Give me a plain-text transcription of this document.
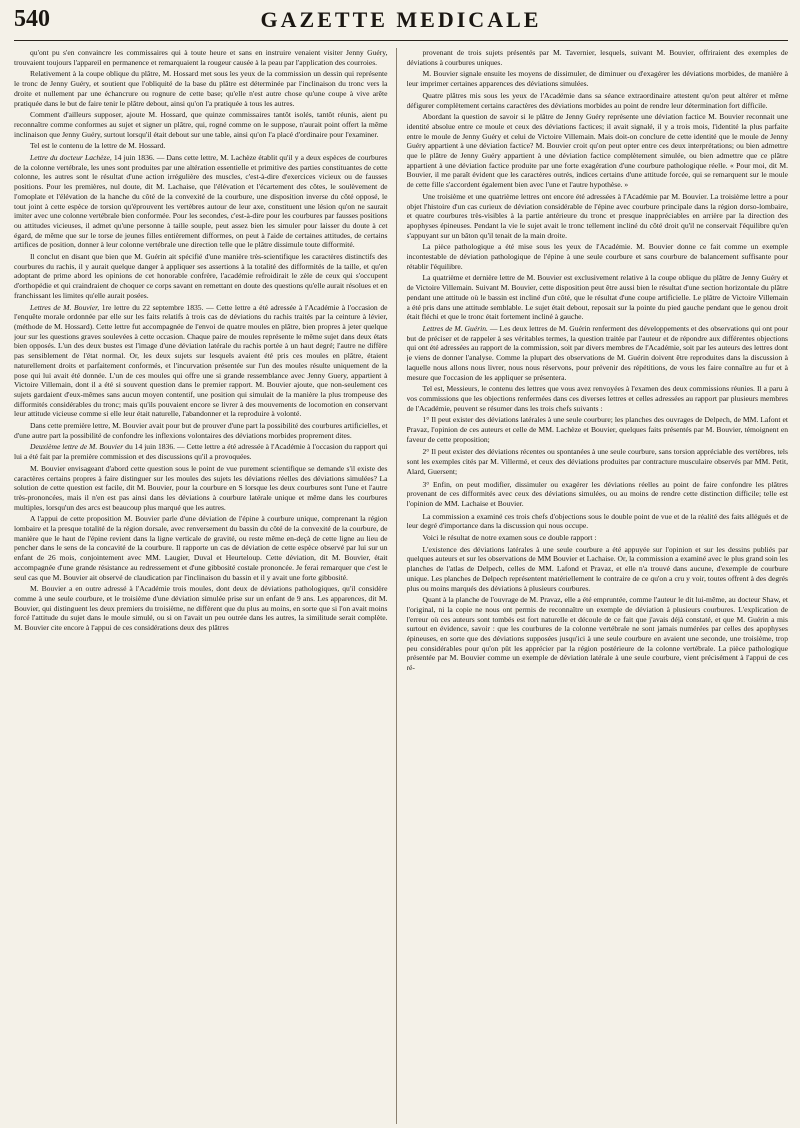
540	GAZETTE MEDICALE

qu'ont pu s'en convaincre les commissaires qui à toute heure et sans en instruire venaient visiter Jenny Guéry, trouvaient toujours l'appareil en permanence et remarquaient la rougeur causée à la peau par l'application des courroies.

Relativement à la coupe oblique du plâtre, M. Hossard met sous les yeux de la commission un dessin qui représente le tronc de Jenny Guéry, et soutient que l'obliquité de la base du plâtre est déterminée par l'inclinaison du tronc vers la droite et nullement par une échancrure ou rognure de cette base; qu'elle n'est autre chose qu'une coupe à vive arête pratiquée dans le but de faire tenir le plâtre debout, ainsi qu'on l'a pratiquée à tous les autres.

Comment d'ailleurs supposer, ajoute M. Hossard, que quinze commissaires tantôt isolés, tantôt réunis, aient pu reconnaître comme conformes au sujet et signer un plâtre, qui, rogné comme on le suppose, n'aurait point offert la même inclinaison que Jenny Guéry, surtout lorsqu'il était debout sur une table, ainsi qu'on l'a placé d'ordinaire pour l'examiner.

Tel est le contenu de la lettre de M. Hossard.

Lettre du docteur Lachèze, 14 juin 1836. — Dans cette lettre, M. Lachèze établit qu'il y a deux espèces de courbures de la colonne vertébrale, les unes sont produites par une altération essentielle et primitive des parties constituantes de cette colonne, les autres sont le résultat d'une action irrégulière des muscles, c'est-à-dire d'exercices vicieux ou de fausses positions. Pour les premières, nul doute, dit M. Lachaise, que l'élévation et l'écartement des côtes, le soulèvement de l'omoplate et l'élévation de la hanche du côté de la convexité de la courbure, une disposition inverse du côté opposé, le tout joint à cette espèce de torsion qu'éprouvent les vertèbres autour de leur axe, constituent une lésion qu'on ne saurait imiter avec une colonne vertébrale bien conformée. Pour les secondes, c'est-à-dire pour les courbures par fausses positions ou attitudes vicieuses, il admet qu'une personne à taille souple, peut assez bien les simuler pour laisser du doute à cet égard, de même que sur le torse de jeunes filles entièrement difformes, on peut à l'aide de certaines attitudes, de certains artifices de position, donner à leur colonne vertébrale une direction telle que le plâtre dissimule toute difformité.

Il conclut en disant que bien que M. Guérin ait spécifié d'une manière très-scientifique les caractères distinctifs des courbures du rachis, il y aurait quelque danger à appliquer ses assertions à la totalité des difformités de la taille, et qu'en adoptant de prime abord les opinions de cet honorable confrère, l'académie refroidirait le zèle de ceux qui s'occupent d'orthopédie et qui craindraient de choquer ce corps savant en remettant en doute des questions qu'elle aurait résolues et en franchissant les limites qu'elle aurait posées.

Lettres de M. Bouvier, 1re lettre du 22 septembre 1835. — Cette lettre a été adressée à l'Académie à l'occasion de l'enquête morale ordonnée par elle sur les faits relatifs à trois cas de déviations du rachis traités par la ceinture à lévier, (méthode de M. Hossard). Cette lettre fut accompagnée de l'envoi de quatre moules en plâtre, bien propres à jeter quelque jour sur les questions graves soulevées à cette occasion. Chaque paire de moules représente le même sujet dans deux états bien opposés. L'un des deux bustes est l'image d'une déviation latérale du rachis portée à un haut degré; l'autre ne diffère pas sensiblement de l'état normal. Or, les deux sujets sur lesquels avaient été pris ces moules en plâtre, étaient naturellement droits et parfaitement conformés, et l'incurvation présentée sur l'un des moules résulte uniquement de la pose qui lui avait été donnée. L'un de ces moules qui offre une si grande ressemblance avec Jenny Guery, appartient à Victoire Villemain, dont il a été si souvent question dans le premier rapport. M. Bouvier ajoute, que non-seulement ces sujets gardaient d'eux-mêmes sans aucun moyen contentif, une position qui simulait de la manière la plus trompeuse des difformités considérables du tronc; mais qu'ils pouvaient encore se livrer à des mouvements de locomotion en conservant leur attitude vicieuse comme si elle leur était naturelle, l'abandonner et la reproduire à volonté.

Dans cette première lettre, M. Bouvier avait pour but de prouver d'une part la possibilité des courbures artificielles, et d'une autre part la possibilité de confondre les inflexions volontaires des déviations morbides proprement dites.

Deuxième lettre de M. Bouvier du 14 juin 1836. — Cette lettre a été adressée à l'Académie à l'occasion du rapport qui lui a été fait par la première commission et des discussions qu'il a provoquées.

M. Bouvier envisageant d'abord cette question sous le point de vue purement scientifique se demande s'il existe des caractères certains propres à faire distinguer sur les moules des sujets les déviations réelles des déviations simulées? La solution de cette question est facile, dit M. Bouvier, pour la courbure en S lorsque les deux courbures sont l'une et l'autre très-prononcées, mais il n'en est pas ainsi dans les déviations à courbure latérale unique et même dans les courbures multiples, lorsqu'un des arcs est beaucoup plus marqué que les autres.

A l'appui de cette proposition M. Bouvier parle d'une déviation de l'épine à courbure unique, comprenant la région lombaire et la presque totalité de la région dorsale, avec renversement du bassin du côté de la convexité de la courbure, de manière que le haut de l'épine revient dans la ligne verticale de gravité, ou reste même en-deçà de cette ligne au lieu de pencher dans le sens de la concavité de la courbure. Il rapporte un cas de déviation de cette espèce observé par lui sur un enfant de 26 mois, conjointement avec MM. Laugier, Duval et Heurteloup. Cette déviation, dit M. Bouvier, était accompagnée d'une grande résistance au redressement et d'une gibbosité costale prononcée. Je ferai remarquer que c'est le seul cas que M. Bouvier ait observé de claudication par l'inclinaison du bassin et il y avait une forte gibbosité.

M. Bouvier a en outre adressé à l'Académie trois moules, dont deux de déviations pathologiques, qu'il considère comme à une seule courbure, et le troisième d'une déviation simulée prise sur un enfant de 9 ans. Les apparences, dit M. Bouvier, qui distinguent les deux premiers du troisième, ne diffèrent que du plus au moins, en sorte que si l'on avait moins forcé l'attitude du sujet dans le moule simulé, ou si on l'avait un peu outrée dans les autres, la similitude serait complète. M. Bouvier cite encore à l'appui de ces considérations deux des plâtres

provenant de trois sujets présentés par M. Tavernier, lesquels, suivant M. Bouvier, offriraient des exemples de déviations à courbures uniques.

M. Bouvier signale ensuite les moyens de dissimuler, de diminuer ou d'exagérer les déviations morbides, de manière à leur imprimer certaines apparences des déviations simulées.

Quatre plâtres mis sous les yeux de l'Académie dans sa séance extraordinaire attestent qu'on peut altérer et même défigurer complètement certains caractères des déviations morbides au point de rendre leur détermination fort difficile.

Abordant la question de savoir si le plâtre de Jenny Guéry représente une déviation factice M. Bouvier reconnait une identité absolue entre ce moule et ceux des déviations factices; il avait signalé, il y a trois mois, l'identité la plus parfaite entre le moule de Jenny Guéry et celui de Victoire Villemain. Mais doit-on conclure de cette identité que le moule de Jenny Guéry appartient à une déviation factice? M. Bouvier croit qu'on peut opter entre ces deux interprétations; ou bien admettre que le plâtre de Jenny Guéry appartient à une déviation factice complètement simulée, ou bien admettre que ce plâtre appartient à une déviation factice produite par une forte exagération d'une courbure pathologique réelle. « Pour moi, dit M. Bouvier, il me paraît évident que les caractères outrés, indices certains d'une attitude forcée, qui se remarquent sur le moule de cette fille s'accordent également bien avec l'une et l'autre hypothèse. »

Une troisième et une quatrième lettres ont encore été adressées à l'Académie par M. Bouvier. La troisième lettre a pour objet l'histoire d'un cas curieux de déviation considérable de l'épine avec courbure principale dans la région dorso-lombaire, et quatre courbures très-visibles à la partie antérieure du tronc et presque inappréciables en arrière par la direction des apophyses épineuses. Pendant la vie le sujet avait le tronc tellement incliné du côté droit qu'il ne conservait l'équilibre qu'en s'appuyant sur un bâton qu'il tenait de la main droite.

La pièce pathologique a été mise sous les yeux de l'Académie. M. Bouvier donne ce fait comme un exemple incontestable de déviation pathologique de l'épine à une seule courbure et sans courbure de balancement suffisante pour rétablir l'équilibre.

La quatrième et dernière lettre de M. Bouvier est exclusivement relative à la coupe oblique du plâtre de Jenny Guéry et de Victoire Villemain. Suivant M. Bouvier, cette disposition peut être aussi bien le résultat d'une section horizontale du plâtre pendant une attitude où le bassin est incliné d'un côté, que le résultat d'une coupe artificielle. Le plâtre de Victoire Villemain a été pris dans une attitude semblable. Le sujet était debout, reposait sur la pointe du pied gauche pendant que le genou droit était fléchi et que le tronc était fortement incliné à gauche.

Lettres de M. Guérin. — Les deux lettres de M. Guérin renferment des développements et des observations qui ont pour but de préciser et de rappeler à ses véritables termes, la question traitée par l'auteur et de répondre aux différentes objections qui ont été adressées au rapport de la commission, soit par divers membres de l'Académie, soit par les auteurs des lettres dont je viens de donner l'analyse. Comme la plupart des observations de M. Guérin doivent être reproduites dans la discussion à laquelle nous allons nous livrer, nous nous réservons, pour prévenir des répétitions, de vous les faire connaître au fur et à mesure que l'occasion de les appliquer se présentera.

Tel est, Messieurs, le contenu des lettres que vous avez renvoyées à l'examen des deux commissions réunies. Il a paru à vos commissions que les objections renfermées dans ces diverses lettres et celles adressées au rapport par plusieurs membres de l'Académie, peuvent se résumer dans les trois chefs suivants :

1° Il peut exister des déviations latérales à une seule courbure; les planches des ouvrages de Delpech, de MM. Lafont et Pravaz, l'opinion de ces auteurs et celle de MM. Lachèze et Bouvier, quelques faits présentés par M. Bouvier, témoignent en faveur de cette proposition;

2° Il peut exister des déviations récentes ou spontanées à une seule courbure, sans torsion appréciable des vertèbres, tels sont les exemples cités par M. Villermé, et ceux des déviations produites par contracture musculaire observés par MM. Petit, Alard, Guersent;

3° Enfin, on peut modifier, dissimuler ou exagérer les déviations réelles au point de faire confondre les plâtres provenant de ces difformités avec ceux des déviations simulées, ou au moins de rendre cette distinction difficile; telle est l'opinion de MM. Lachaise et Bouvier.

La commission a examiné ces trois chefs d'objections sous le double point de vue et de la réalité des faits allégués et de leur degré d'importance dans la discussion qui nous occupe.

Voici le résultat de notre examen sous ce double rapport :

L'existence des déviations latérales à une seule courbure a été appuyée sur l'opinion et sur les dessins publiés par quelques auteurs et sur les observations de MM Bouvier et Lachaise. Or, la commission a examiné avec le plus grand soin les planches de l'atlas de Delpech, celles de MM. Lafond et Pravaz, et elle n'a trouvé dans aucune, d'exemple de courbure unique. Les planches de Delpech représentent matériellement le contraire de ce qu'on a cru y voir, toutes offrent à des degrés plus ou moins marqués des déviations à plusieurs courbures.

Quant à la planche de l'ouvrage de M. Pravaz, elle a été empruntée, comme l'auteur le dit lui-même, au docteur Shaw, et l'original, ni la copie ne nous ont permis de reconnaître un exemple de déviation à plusieurs courbures. L'explication de l'erreur où ces auteurs sont tombés est fort naturelle et découle de ce fait que j'avais déjà constaté, et que M. Guérin a mis surtout en évidence, savoir : que les courbures de la colonne vertébrale ne sont jamais numérées par celles des apophyses épineuses, en sorte que des déviations supposées jusqu'ici à une seule courbure en avaient une seconde, une troisième, trop peu considérables pour qu'on pût les apprécier par la région postérieure de la colonne vertébrale. La pièce pathologique présentée par M. Bouvier comme un exemple de déviation latérale à une seule courbure, vient précisément à l'appui de ces ré-
